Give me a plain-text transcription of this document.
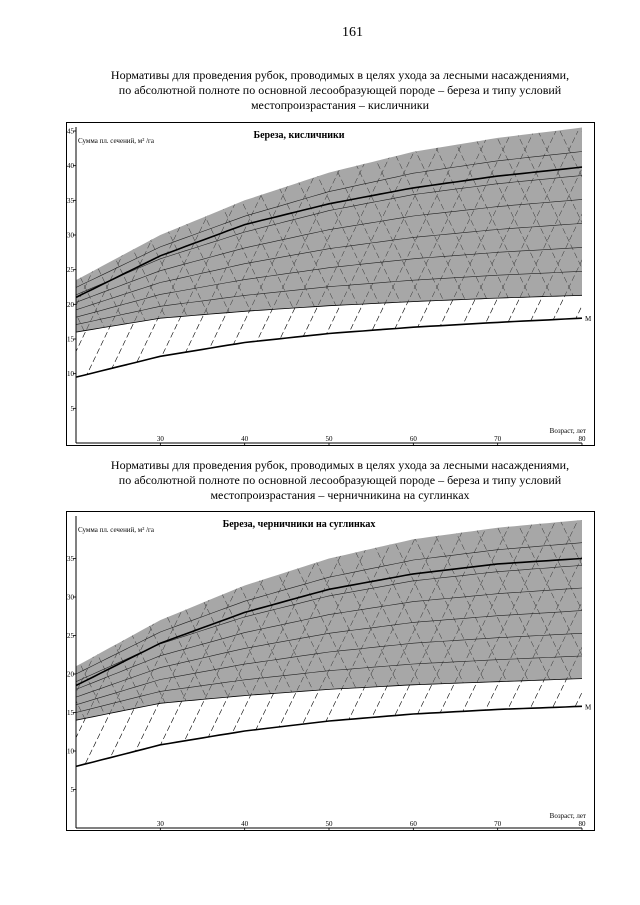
161
Нормативы для проведения рубок, проводимых в целях ухода за лесными насаждениями,
по абсолютной полноте по основной лесообразующей породе – береза и типу условий
местопроизрастания – кисличники
5
10
15
20
25
30
35
40
45
30	40	50	60	70	80
Береза, кисличники
Сумма пл. сечений, м² /га
Возраст, лет
М
Нормативы для проведения рубок, проводимых в целях ухода за лесными насаждениями,
по абсолютной полноте по основной лесообразующей породе – береза и типу условий
местопроизрастания – черничникина на суглинках
5
10
15
20
25
30
35
30	40	50	60	70	80
Береза, черничники на суглинках
Сумма пл. сечений, м² /га
Возраст, лет
М
